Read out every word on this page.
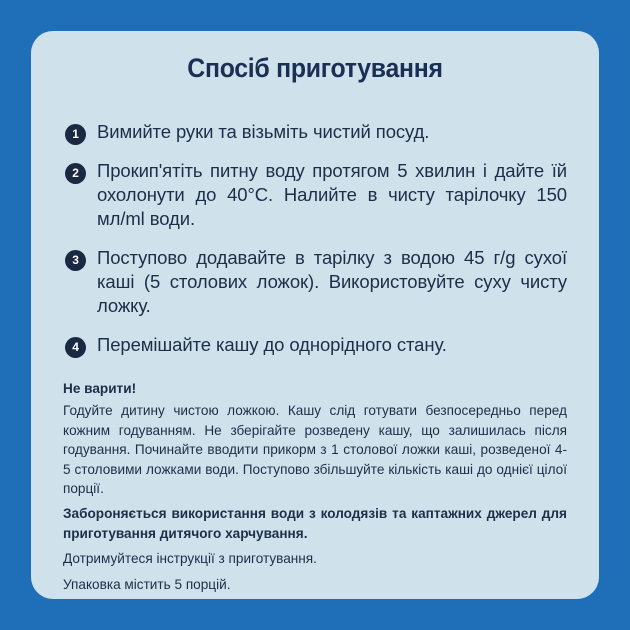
Спосіб приготування
1 Вимийте руки та візьміть чистий посуд.
2 Прокип'ятіть питну воду протягом 5 хвилин і дайте їй охолонути до 40°С. Налийте в чисту тарілочку 150 мл/ml води.
3 Поступово додавайте в тарілку з водою 45 г/g сухої каші (5 столових ложок). Використовуйте суху чисту ложку.
4 Перемішайте кашу до однорідного стану.

Не варити!

Годуйте дитину чистою ложкою. Кашу слід готувати безпосередньо перед кожним годуванням. Не зберігайте розведену кашу, що залишилась після годування. Починайте вводити прикорм з 1 столової ложки каші, розведеної 4-5 столовими ложками води. Поступово збільшуйте кількість каші до однієї цілої порції.

Забороняється використання води з колодязів та каптажних джерел для приготування дитячого харчування.

Дотримуйтеся інструкції з приготування.

Упаковка містить 5 порцій.
